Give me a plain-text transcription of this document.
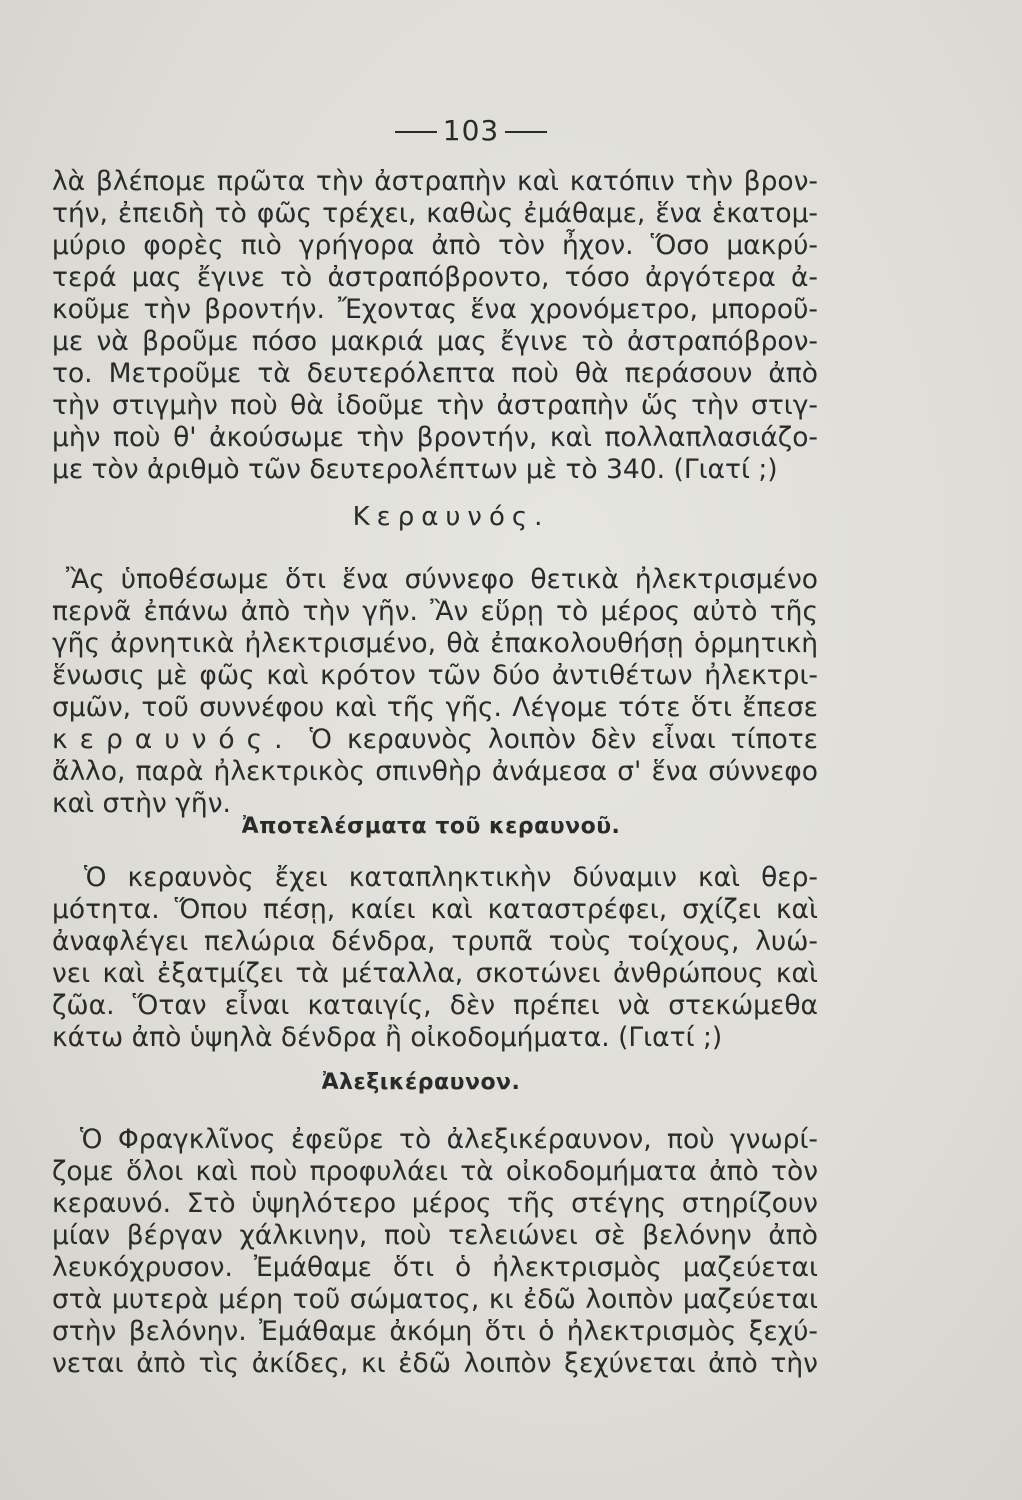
103
λὰ βλέπομε πρῶτα τὴν ἀστραπὴν καὶ κατόπιν τὴν βρον-
τήν, ἐπειδὴ τὸ φῶς τρέχει, καθὼς ἐμάθαμε, ἕνα ἑκατομ-
μύριο φορὲς πιὸ γρήγορα ἀπὸ τὸν ἦχον. Ὅσο μακρύ-
τερά μας ἔγινε τὸ ἀστραπόβροντο, τόσο ἀργότερα ἀ-
κοῦμε τὴν βροντήν. Ἔχοντας ἕνα χρονόμετρο, μποροῦ-
με νὰ βροῦμε πόσο μακριά μας ἔγινε τὸ ἀστραπόβρον-
το. Μετροῦμε τὰ δευτερόλεπτα ποὺ θὰ περάσουν ἀπὸ
τὴν στιγμὴν ποὺ θὰ ἰδοῦμε τὴν ἀστραπὴν ὥς τὴν στιγ-
μὴν ποὺ θ' ἀκούσωμε τὴν βροντήν, καὶ πολλαπλασιάζο-
με τὸν ἀριθμὸ τῶν δευτερολέπτων μὲ τὸ 340. (Γιατί ;)
Κεραυνός.
Ἂς ὑποθέσωμε ὅτι ἕνα σύννεφο θετικὰ ἠλεκτρισμένο
περνᾶ ἐπάνω ἀπὸ τὴν γῆν. Ἂν εὕρῃ τὸ μέρος αὐτὸ τῆς
γῆς ἀρνητικὰ ἠλεκτρισμένο, θὰ ἐπακολουθήσῃ ὁρμητικὴ
ἕνωσις μὲ φῶς καὶ κρότον τῶν δύο ἀντιθέτων ἠλεκτρι-
σμῶν, τοῦ συννέφου καὶ τῆς γῆς. Λέγομε τότε ὅτι ἔπεσε
κεραυνός. Ὁ κεραυνὸς λοιπὸν δὲν εἶναι τίποτε
ἄλλο, παρὰ ἠλεκτρικὸς σπινθὴρ ἀνάμεσα σ' ἕνα σύννεφο
καὶ στὴν γῆν.
Ἀποτελέσματα τοῦ κεραυνοῦ.
Ὁ κεραυνὸς ἔχει καταπληκτικὴν δύναμιν καὶ θερ-
μότητα. Ὅπου πέσῃ, καίει καὶ καταστρέφει, σχίζει καὶ
ἀναφλέγει πελώρια δένδρα, τρυπᾶ τοὺς τοίχους, λυώ-
νει καὶ ἐξατμίζει τὰ μέταλλα, σκοτώνει ἀνθρώπους καὶ
ζῶα. Ὅταν εἶναι καταιγίς, δὲν πρέπει νὰ στεκώμεθα
κάτω ἀπὸ ὑψηλὰ δένδρα ἢ οἰκοδομήματα. (Γιατί ;)
Ἀλεξικέραυνον.
Ὁ Φραγκλῖνος ἐφεῦρε τὸ ἀλεξικέραυνον, ποὺ γνωρί-
ζομε ὅλοι καὶ ποὺ προφυλάει τὰ οἰκοδομήματα ἀπὸ τὸν
κεραυνό. Στὸ ὑψηλότερο μέρος τῆς στέγης στηρίζουν
μίαν βέργαν χάλκινην, ποὺ τελειώνει σὲ βελόνην ἀπὸ
λευκόχρυσον. Ἐμάθαμε ὅτι ὁ ἠλεκτρισμὸς μαζεύεται
στὰ μυτερὰ μέρη τοῦ σώματος, κι ἐδῶ λοιπὸν μαζεύεται
στὴν βελόνην. Ἐμάθαμε ἀκόμη ὅτι ὁ ἠλεκτρισμὸς ξεχύ-
νεται ἀπὸ τὶς ἀκίδες, κι ἐδῶ λοιπὸν ξεχύνεται ἀπὸ τὴν
